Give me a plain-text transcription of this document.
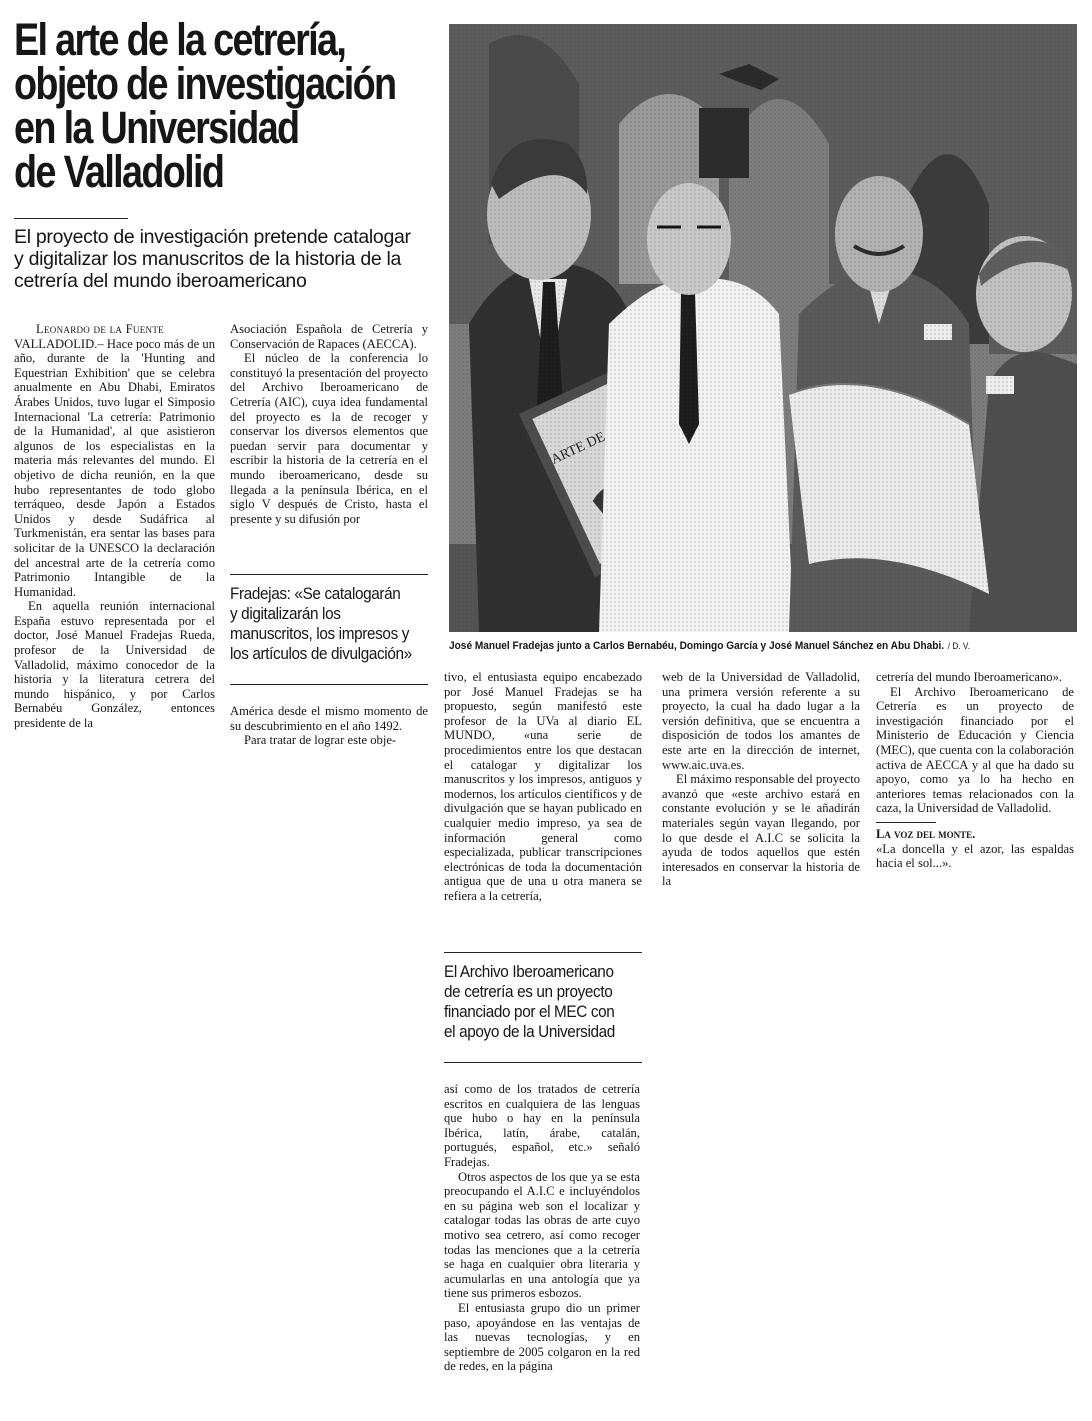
El arte de la cetrería,
objeto de investigación
en la Universidad
de Valladolid
El proyecto de investigación pretende catalogar
y digitalizar los manuscritos de la historia de la
cetrería del mundo iberoamericano
Leonardo de la Fuente

VALLADOLID.– Hace poco más de un año, durante de la 'Hunting and Equestrian Exhibition' que se celebra anualmente en Abu Dhabi, Emiratos Árabes Unidos, tuvo lugar el Simposio Internacional 'La cetrería: Patrimonio de la Humanidad', al que asistieron algunos de los especialistas en la materia más relevantes del mundo. El objetivo de dicha reunión, en la que hubo representantes de todo globo terráqueo, desde Japón a Estados Unidos y desde Sudáfrica al Turkmenistán, era sentar las bases para solicitar de la UNESCO la declaración del ancestral arte de la cetrería como Patrimonio Intangible de la Humanidad.

En aquella reunión internacional España estuvo representada por el doctor, José Manuel Fradejas Rueda, profesor de la Universidad de Valladolid, máximo conocedor de la historia y la literatura cetrera del mundo hispánico, y por Carlos Bernabéu González, entonces presidente de la

Asociación Española de Cetrería y Conservación de Rapaces (AECCA).

El núcleo de la conferencia lo constituyó la presentación del proyecto del Archivo Iberoamericano de Cetrería (AIC), cuya idea fundamental del proyecto es la de recoger y conservar los diversos elementos que puedan servir para documentar y escribir la historia de la cetrería en el mundo iberoamericano, desde su llegada a la península Ibérica, en el siglo V después de Cristo, hasta el presente y su difusión por

Fradejas: «Se catalogarán
y digitalizarán los
manuscritos, los impresos y
los artículos de divulgación»

América desde el mismo momento de su descubrimiento en el año 1492.

Para tratar de lograr este obje-

José Manuel Fradejas junto a Carlos Bernabéu, Domingo García y José Manuel Sánchez en Abu Dhabi. / D. V.

tivo, el entusiasta equipo encabezado por José Manuel Fradejas se ha propuesto, según manifestó este profesor de la UVa al diario EL MUNDO, «una serie de procedimientos entre los que destacan el catalogar y digitalizar los manuscritos y los impresos, antiguos y modernos, los artículos científicos y de divulgación que se hayan publicado en cualquier medio impreso, ya sea de información general como especializada, publicar transcripciones electrónicas de toda la documentación antigua que de una u otra manera se refiera a la cetrería,

El Archivo Iberoamericano
de cetrería es un proyecto
financiado por el MEC con
el apoyo de la Universidad

así como de los tratados de cetrería escritos en cualquiera de las lenguas que hubo o hay en la península Ibérica, latín, árabe, catalán, portugués, español, etc.» señaló Fradejas.

Otros aspectos de los que ya se esta preocupando el A.I.C e incluyéndolos en su página web son el localizar y catalogar todas las obras de arte cuyo motivo sea cetrero, así como recoger todas las menciones que a la cetrería se haga en cualquier obra literaria y acumularlas en una antología que ya tiene sus primeros esbozos.

El entusiasta grupo dio un primer paso, apoyándose en las ventajas de las nuevas tecnologías, y en septiembre de 2005 colgaron en la red de redes, en la página

web de la Universidad de Valladolid, una primera versión referente a su proyecto, la cual ha dado lugar a la versión definitiva, que se encuentra a disposición de todos los amantes de este arte en la dirección de internet, www.aic.uva.es.

El máximo responsable del proyecto avanzó que «este archivo estará en constante evolución y se le añadirán materiales según vayan llegando, por lo que desde el A.I.C se solicita la ayuda de todos aquellos que estén interesados en conservar la historia de la

cetrería del mundo Iberoamericano».

El Archivo Iberoamericano de Cetrería es un proyecto de investigación financiado por el Ministerio de Educación y Ciencia (MEC), que cuenta con la colaboración activa de AECCA y al que ha dado su apoyo, como ya lo ha hecho en anteriores temas relacionados con la caza, la Universidad de Valladolid.

La voz del monte.

«La doncella y el azor, las espaldas hacia el sol...».
